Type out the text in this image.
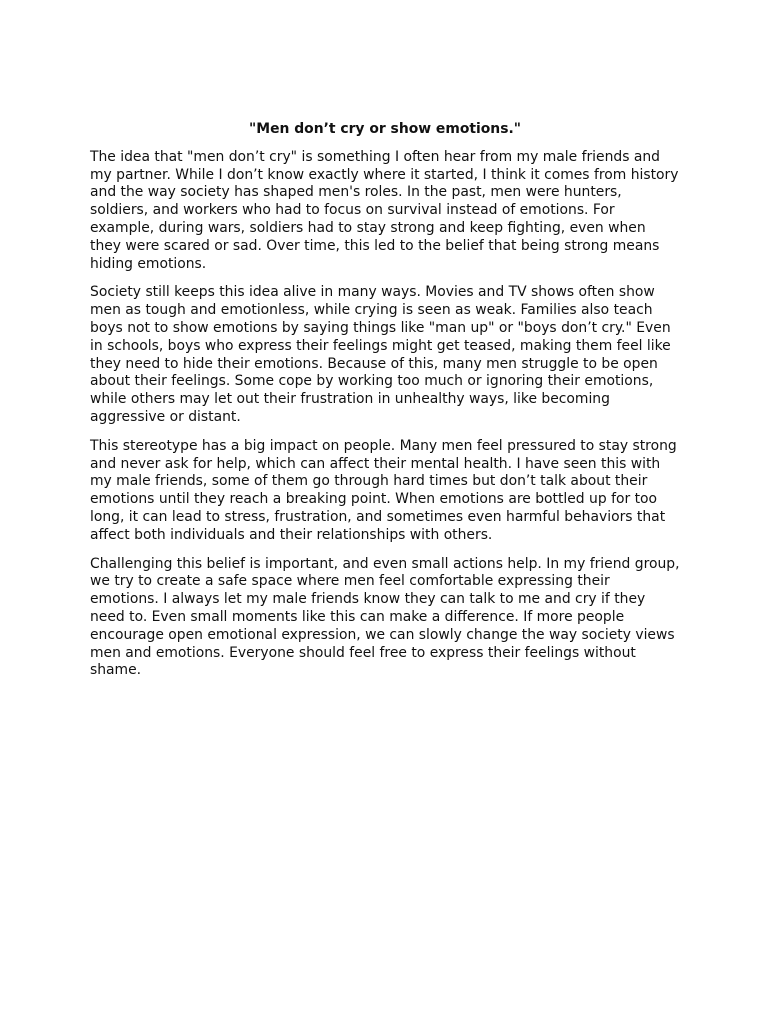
"Men don’t cry or show emotions."

The idea that "men don’t cry" is something I often hear from my male friends and my partner. While I don’t know exactly where it started, I think it comes from history and the way society has shaped men's roles. In the past, men were hunters, soldiers, and workers who had to focus on survival instead of emotions. For example, during wars, soldiers had to stay strong and keep fighting, even when they were scared or sad. Over time, this led to the belief that being strong means hiding emotions.

Society still keeps this idea alive in many ways. Movies and TV shows often show men as tough and emotionless, while crying is seen as weak. Families also teach boys not to show emotions by saying things like "man up" or "boys don’t cry." Even in schools, boys who express their feelings might get teased, making them feel like they need to hide their emotions. Because of this, many men struggle to be open about their feelings. Some cope by working too much or ignoring their emotions, while others may let out their frustration in unhealthy ways, like becoming aggressive or distant.

This stereotype has a big impact on people. Many men feel pressured to stay strong and never ask for help, which can affect their mental health. I have seen this with my male friends, some of them go through hard times but don’t talk about their emotions until they reach a breaking point. When emotions are bottled up for too long, it can lead to stress, frustration, and sometimes even harmful behaviors that affect both individuals and their relationships with others.

Challenging this belief is important, and even small actions help. In my friend group, we try to create a safe space where men feel comfortable expressing their emotions. I always let my male friends know they can talk to me and cry if they need to. Even small moments like this can make a difference. If more people encourage open emotional expression, we can slowly change the way society views men and emotions. Everyone should feel free to express their feelings without shame.
